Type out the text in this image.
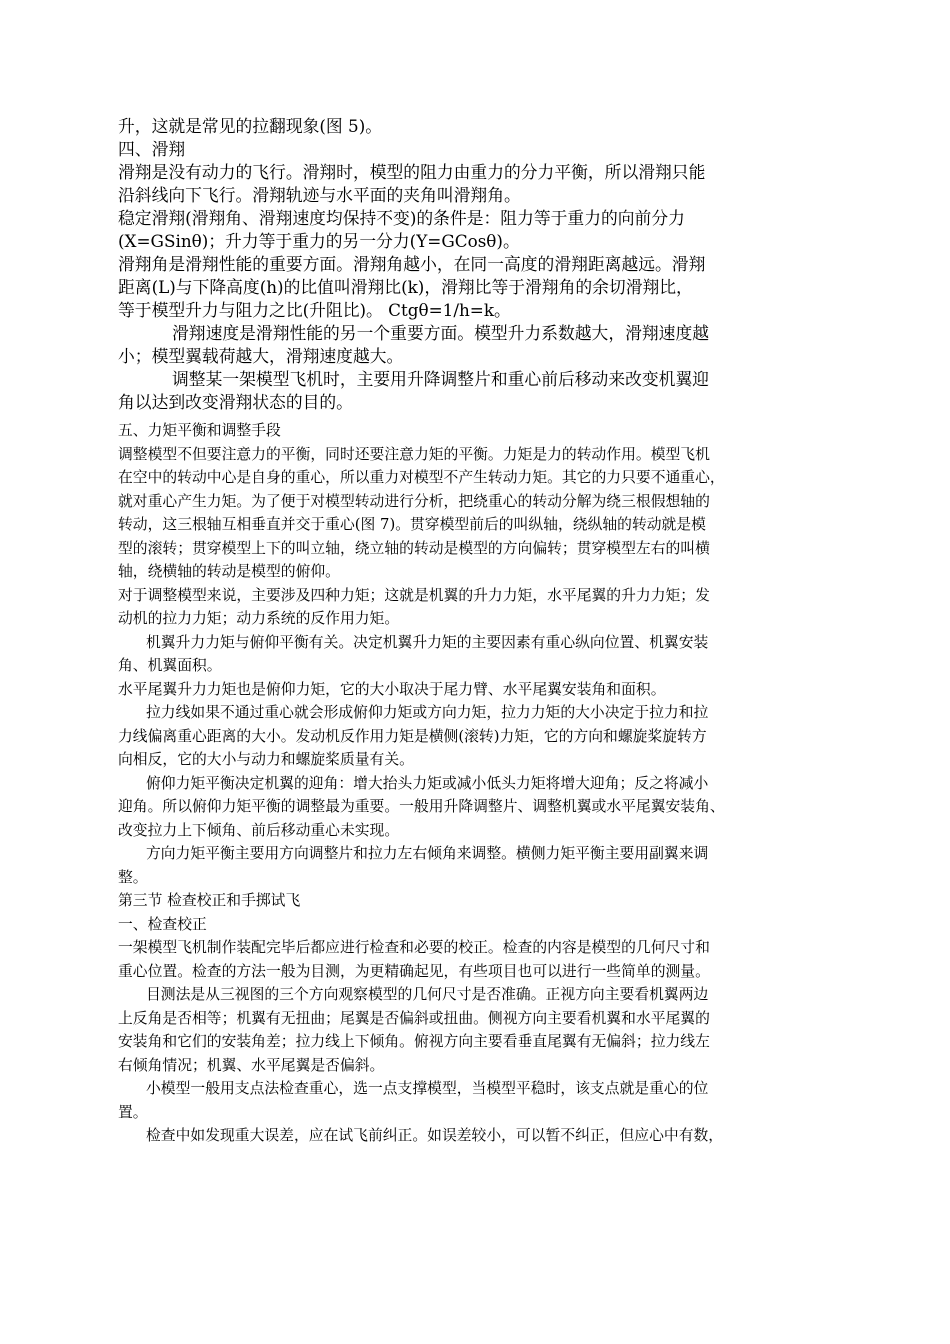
升，这就是常见的拉翻现象(图 5)。
四、滑翔
滑翔是没有动力的飞行。滑翔时，模型的阻力由重力的分力平衡，所以滑翔只能
沿斜线向下飞行。滑翔轨迹与水平面的夹角叫滑翔角。
稳定滑翔(滑翔角、滑翔速度均保持不变)的条件是：阻力等于重力的向前分力
(X=GSinθ)；升力等于重力的另一分力(Y=GCosθ)。
滑翔角是滑翔性能的重要方面。滑翔角越小，在同一高度的滑翔距离越远。滑翔
距离(L)与下降高度(h)的比值叫滑翔比(k)，滑翔比等于滑翔角的余切滑翔比，
等于模型升力与阻力之比(升阻比)。 Ctgθ=1/h=k。
滑翔速度是滑翔性能的另一个重要方面。模型升力系数越大，滑翔速度越
小；模型翼载荷越大，滑翔速度越大。
调整某一架模型飞机时，主要用升降调整片和重心前后移动来改变机翼迎
角以达到改变滑翔状态的目的。
五、力矩平衡和调整手段
调整模型不但要注意力的平衡，同时还要注意力矩的平衡。力矩是力的转动作用。模型飞机
在空中的转动中心是自身的重心，所以重力对模型不产生转动力矩。其它的力只要不通重心，
就对重心产生力矩。为了便于对模型转动进行分析，把绕重心的转动分解为绕三根假想轴的
转动，这三根轴互相垂直并交于重心(图 7)。贯穿模型前后的叫纵轴，绕纵轴的转动就是模
型的滚转；贯穿模型上下的叫立轴，绕立轴的转动是模型的方向偏转；贯穿模型左右的叫横
轴，绕横轴的转动是模型的俯仰。
对于调整模型来说，主要涉及四种力矩；这就是机翼的升力力矩，水平尾翼的升力力矩；发
动机的拉力力矩；动力系统的反作用力矩。
机翼升力力矩与俯仰平衡有关。决定机翼升力矩的主要因素有重心纵向位置、机翼安装
角、机翼面积。
水平尾翼升力力矩也是俯仰力矩，它的大小取决于尾力臂、水平尾翼安装角和面积。
拉力线如果不通过重心就会形成俯仰力矩或方向力矩，拉力力矩的大小决定于拉力和拉
力线偏离重心距离的大小。发动机反作用力矩是横侧(滚转)力矩，它的方向和螺旋桨旋转方
向相反，它的大小与动力和螺旋桨质量有关。
俯仰力矩平衡决定机翼的迎角：增大抬头力矩或减小低头力矩将增大迎角；反之将减小
迎角。所以俯仰力矩平衡的调整最为重要。一般用升降调整片、调整机翼或水平尾翼安装角、
改变拉力上下倾角、前后移动重心未实现。
方向力矩平衡主要用方向调整片和拉力左右倾角来调整。横侧力矩平衡主要用副翼来调
整。
第三节 检查校正和手掷试飞
一、检查校正
一架模型飞机制作装配完毕后都应进行检查和必要的校正。检查的内容是模型的几何尺寸和
重心位置。检查的方法一般为目测，为更精确起见，有些项目也可以进行一些简单的测量。
目测法是从三视图的三个方向观察模型的几何尺寸是否准确。正视方向主要看机翼两边
上反角是否相等；机翼有无扭曲；尾翼是否偏斜或扭曲。侧视方向主要看机翼和水平尾翼的
安装角和它们的安装角差；拉力线上下倾角。俯视方向主要看垂直尾翼有无偏斜；拉力线左
右倾角情况；机翼、水平尾翼是否偏斜。
小模型一般用支点法检查重心，选一点支撑模型，当模型平稳时，该支点就是重心的位
置。
检查中如发现重大误差，应在试飞前纠正。如误差较小，可以暂不纠正，但应心中有数，
